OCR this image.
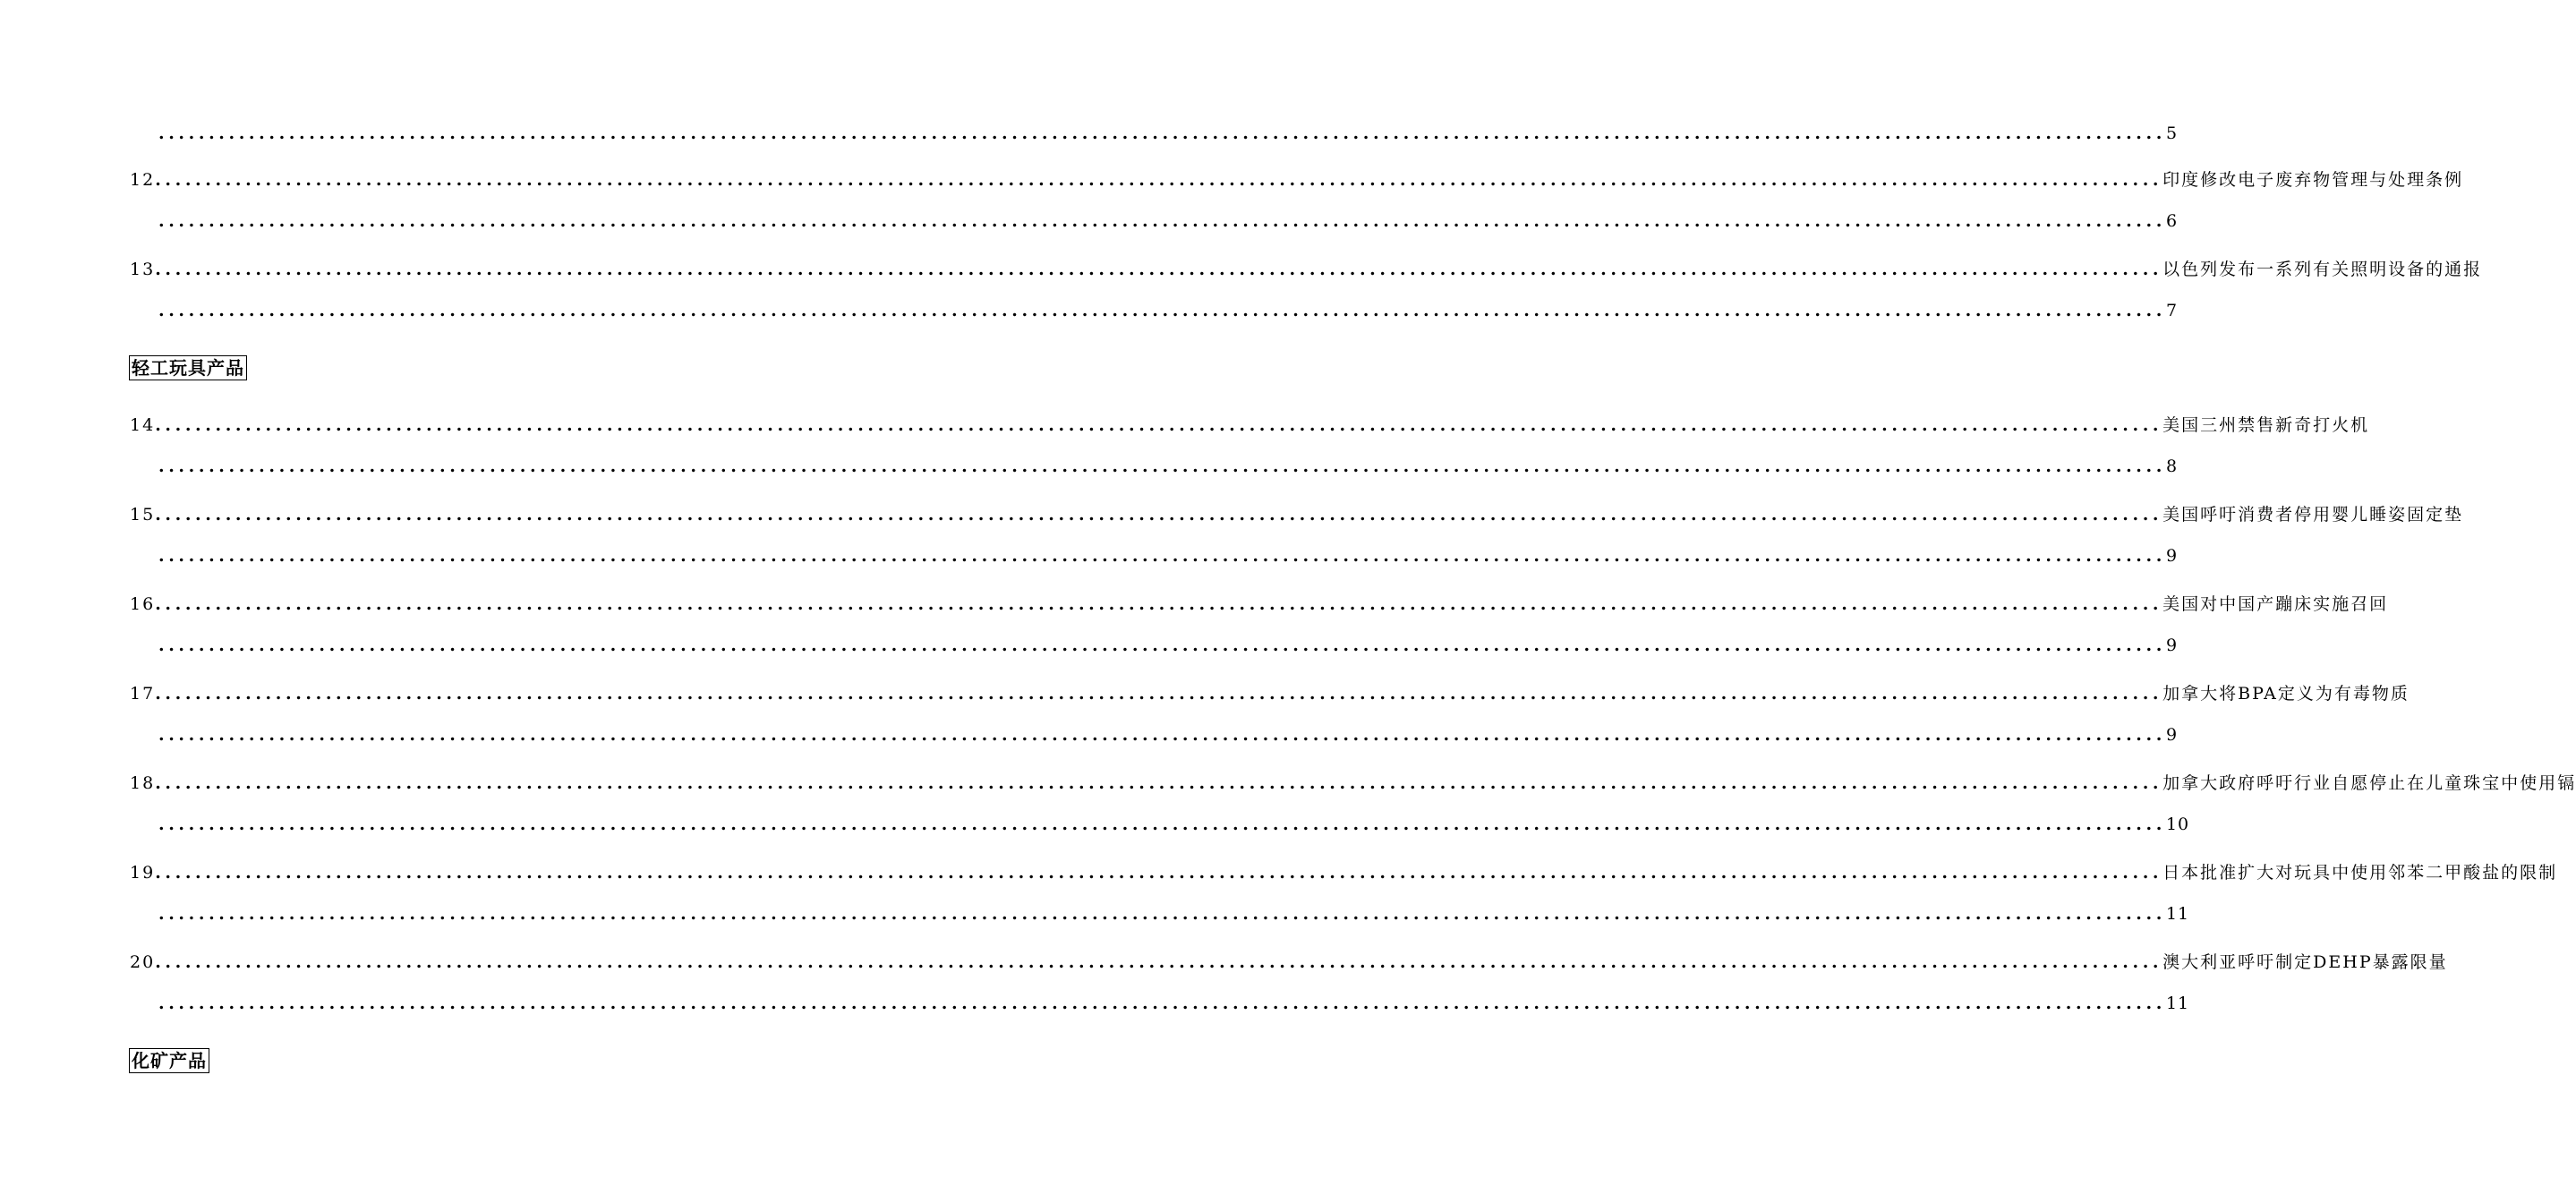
........................................................................................................................................................................................................ 5
12 ........................................................................................................................................................................................................ 印度修改电子废弃物管理与处理条例
........................................................................................................................................................................................................ 6
13 ........................................................................................................................................................................................................ 以色列发布一系列有关照明设备的通报
........................................................................................................................................................................................................ 7
轻工玩具产品
14 ........................................................................................................................................................................................................ 美国三州禁售新奇打火机
........................................................................................................................................................................................................ 8
15 ........................................................................................................................................................................................................ 美国呼吁消费者停用婴儿睡姿固定垫
........................................................................................................................................................................................................ 9
16 ........................................................................................................................................................................................................ 美国对中国产蹦床实施召回
........................................................................................................................................................................................................ 9
17 ........................................................................................................................................................................................................ 加拿大将BPA定义为有毒物质
........................................................................................................................................................................................................ 9
18 ........................................................................................................................................................................................................ 加拿大政府呼吁行业自愿停止在儿童珠宝中使用镉
........................................................................................................................................................................................................ 10
19 ........................................................................................................................................................................................................ 日本批准扩大对玩具中使用邻苯二甲酸盐的限制
........................................................................................................................................................................................................ 11
20 ........................................................................................................................................................................................................ 澳大利亚呼吁制定DEHP暴露限量
........................................................................................................................................................................................................ 11
化矿产品
